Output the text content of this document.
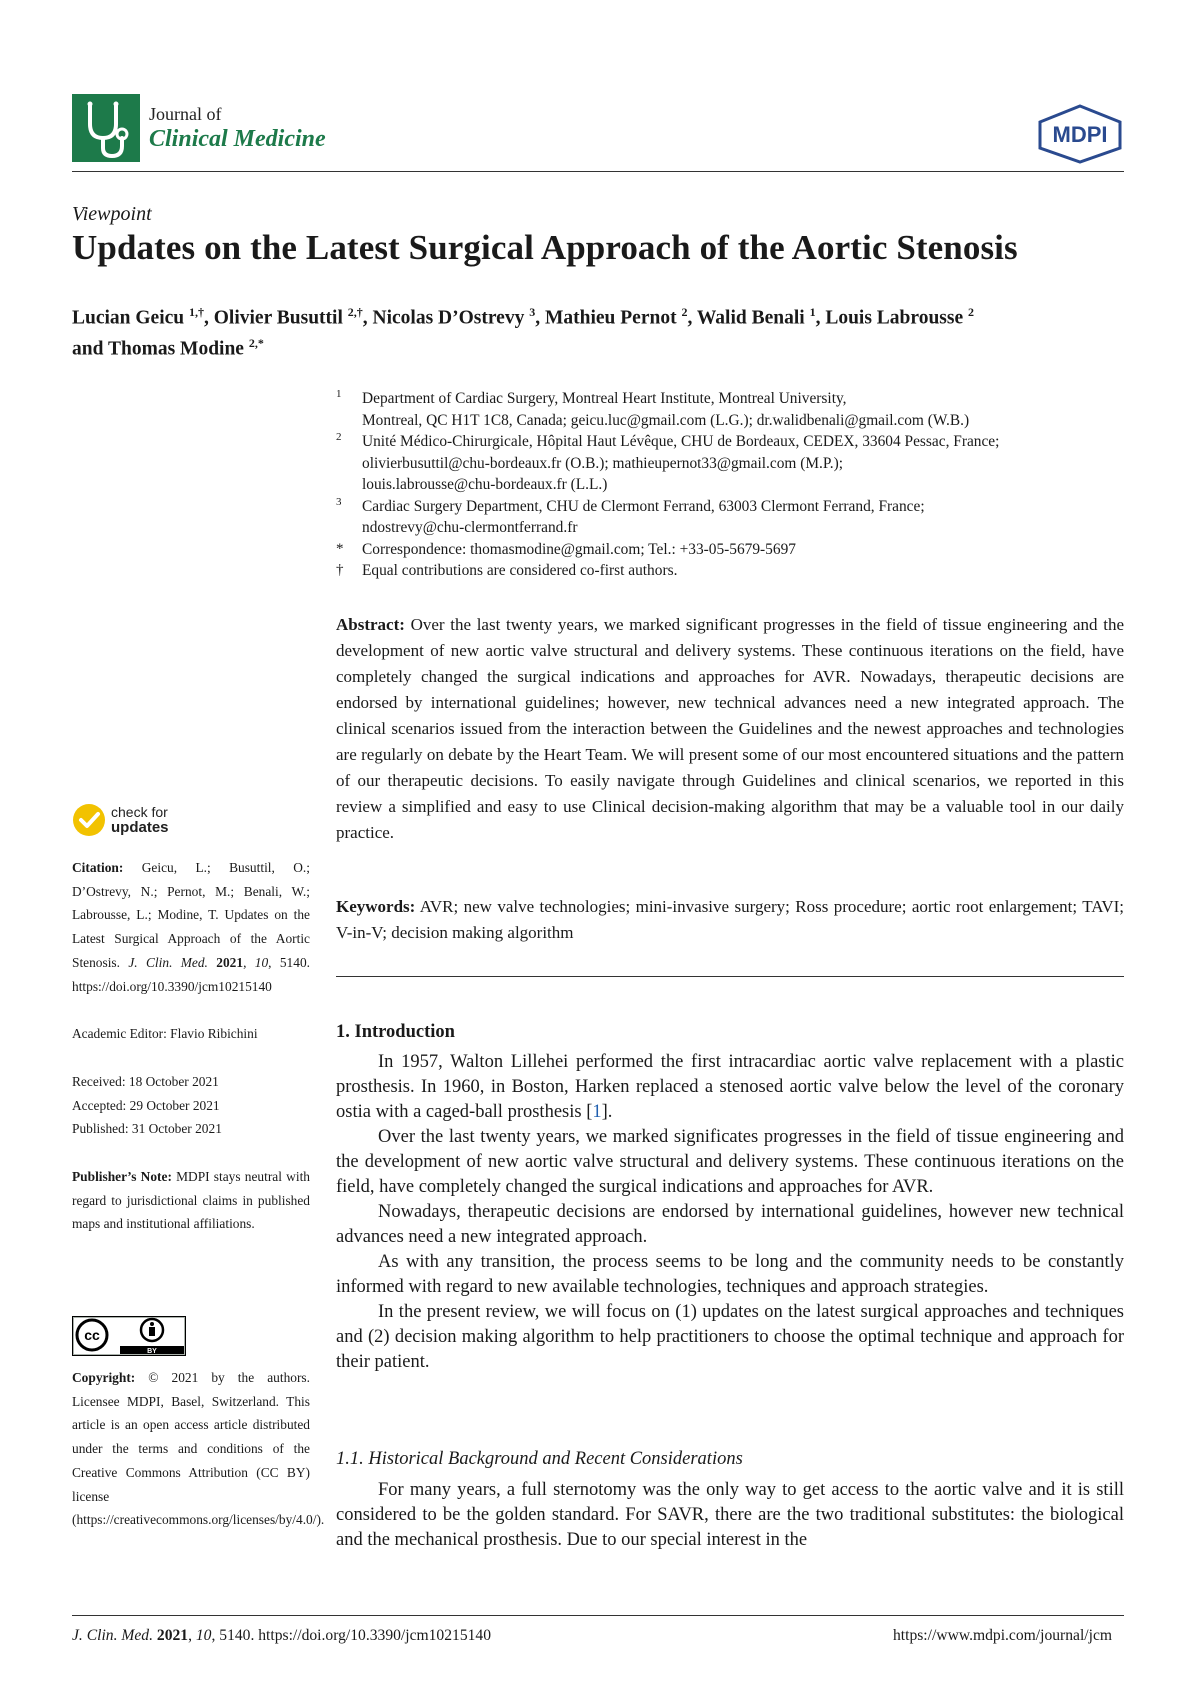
Journal of
Clinical Medicine	MDPI
Viewpoint
Updates on the Latest Surgical Approach of the Aortic Stenosis
Lucian Geicu $^{1,\dagger}$, Olivier Busuttil $^{2,\dagger}$, Nicolas D’Ostrevy $^3$, Mathieu Pernot $^2$, Walid Benali $^1$, Louis Labrousse $^2$
and Thomas Modine $^{2,*}$
1 Department of Cardiac Surgery, Montreal Heart Institute, Montreal University,
Montreal, QC H1T 1C8, Canada; geicu.luc@gmail.com (L.G.); dr.walidbenali@gmail.com (W.B.)
2 Unité Médico-Chirurgicale, Hôpital Haut Lévêque, CHU de Bordeaux, CEDEX, 33604 Pessac, France;
olivierbusuttil@chu-bordeaux.fr (O.B.); mathieupernot33@gmail.com (M.P.);
louis.labrousse@chu-bordeaux.fr (L.L.)
3 Cardiac Surgery Department, CHU de Clermont Ferrand, 63003 Clermont Ferrand, France;
ndostrevy@chu-clermontferrand.fr
* Correspondence: thomasmodine@gmail.com; Tel.: +33-05-5679-5697
† Equal contributions are considered co-first authors.
Abstract: Over the last twenty years, we marked significant progresses in the field of tissue engineering and the development of new aortic valve structural and delivery systems. These continuous iterations on the field, have completely changed the surgical indications and approaches for AVR. Nowadays, therapeutic decisions are endorsed by international guidelines; however, new technical advances need a new integrated approach. The clinical scenarios issued from the interaction between the Guidelines and the newest approaches and technologies are regularly on debate by the Heart Team. We will present some of our most encountered situations and the pattern of our therapeutic decisions. To easily navigate through Guidelines and clinical scenarios, we reported in this review a simplified and easy to use Clinical decision-making algorithm that may be a valuable tool in our daily practice.
Keywords: AVR; new valve technologies; mini-invasive surgery; Ross procedure; aortic root enlargement; TAVI; V-in-V; decision making algorithm
1. Introduction

In 1957, Walton Lillehei performed the first intracardiac aortic valve replacement with a plastic prosthesis. In 1960, in Boston, Harken replaced a stenosed aortic valve below the level of the coronary ostia with a caged-ball prosthesis [1].

Over the last twenty years, we marked significates progresses in the field of tissue engineering and the development of new aortic valve structural and delivery systems. These continuous iterations on the field, have completely changed the surgical indications and approaches for AVR.

Nowadays, therapeutic decisions are endorsed by international guidelines, however new technical advances need a new integrated approach.

As with any transition, the process seems to be long and the community needs to be constantly informed with regard to new available technologies, techniques and approach strategies.

In the present review, we will focus on (1) updates on the latest surgical approaches and techniques and (2) decision making algorithm to help practitioners to choose the optimal technique and approach for their patient.

1.1. Historical Background and Recent Considerations

For many years, a full sternotomy was the only way to get access to the aortic valve and it is still considered to be the golden standard. For SAVR, there are the two traditional substitutes: the biological and the mechanical prosthesis. Due to our special interest in the

check for
updates

Citation: Geicu, L.; Busuttil, O.; D’Ostrevy, N.; Pernot, M.; Benali, W.; Labrousse, L.; Modine, T. Updates on the Latest Surgical Approach of the Aortic Stenosis. J. Clin. Med. 2021, 10, 5140. https://doi.org/10.3390/jcm10215140

Academic Editor: Flavio Ribichini

Received: 18 October 2021

Accepted: 29 October 2021

Published: 31 October 2021

Publisher’s Note: MDPI stays neutral with regard to jurisdictional claims in published maps and institutional affiliations.

cc
BY
Copyright: © 2021 by the authors. Licensee MDPI, Basel, Switzerland. This article is an open access article distributed under the terms and conditions of the Creative Commons Attribution (CC BY) license (https://creativecommons.org/licenses/by/4.0/).
J. Clin. Med. 2021, 10, 5140. https://doi.org/10.3390/jcm10215140	https://www.mdpi.com/journal/jcm
